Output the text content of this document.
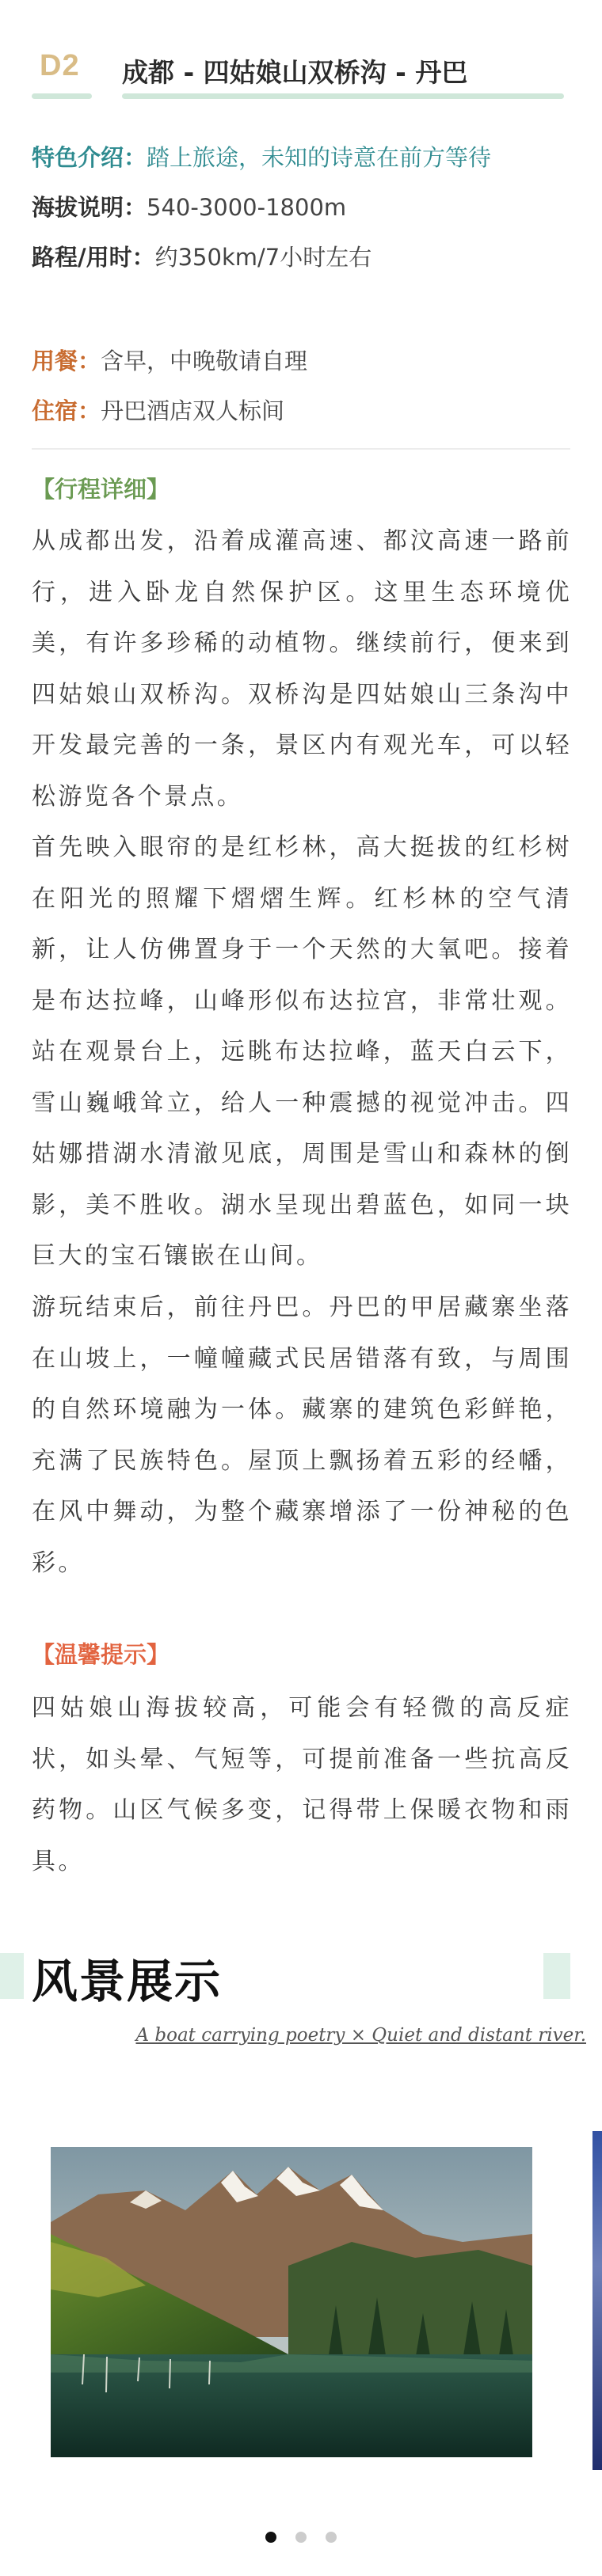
D2 成都 - 四姑娘山双桥沟 - 丹巴
特色介绍：踏上旅途，未知的诗意在前方等待
海拔说明：540-3000-1800m
路程/用时：约350km/7小时左右
用餐：含早，中晚敬请自理
住宿：丹巴酒店双人标间
【行程详细】
从成都出发，沿着成灌高速、都汶高速一路前行，进入卧龙自然保护区。这里生态环境优美，有许多珍稀的动植物。继续前行，便来到四姑娘山双桥沟。双桥沟是四姑娘山三条沟中开发最完善的一条，景区内有观光车，可以轻松游览各个景点。
首先映入眼帘的是红杉林，高大挺拔的红杉树在阳光的照耀下熠熠生辉。红杉林的空气清新，让人仿佛置身于一个天然的大氧吧。接着是布达拉峰，山峰形似布达拉宫，非常壮观。站在观景台上，远眺布达拉峰，蓝天白云下，雪山巍峨耸立，给人一种震撼的视觉冲击。四姑娜措湖水清澈见底，周围是雪山和森林的倒影，美不胜收。湖水呈现出碧蓝色，如同一块巨大的宝石镶嵌在山间。
游玩结束后，前往丹巴。丹巴的甲居藏寨坐落在山坡上，一幢幢藏式民居错落有致，与周围的自然环境融为一体。藏寨的建筑色彩鲜艳，充满了民族特色。屋顶上飘扬着五彩的经幡，在风中舞动，为整个藏寨增添了一份神秘的色彩。
【温馨提示】
四姑娘山海拔较高，可能会有轻微的高反症状，如头晕、气短等，可提前准备一些抗高反药物。山区气候多变，记得带上保暖衣物和雨具。
风景展示
A boat carrying poetry × Quiet and distant river.
